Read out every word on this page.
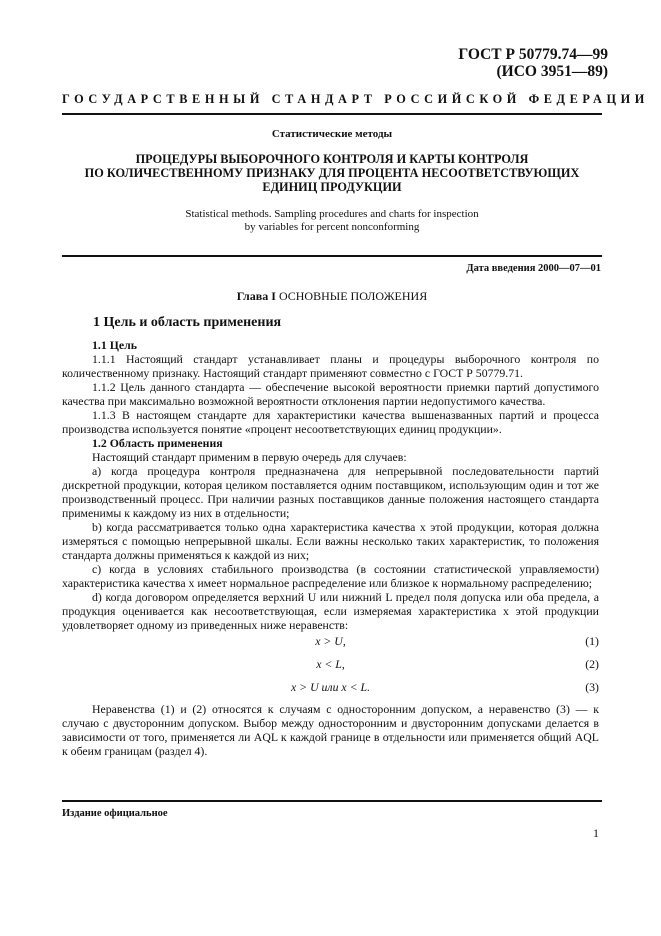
ГОСТ Р 50779.74—99
(ИСО 3951—89)
ГОСУДАРСТВЕННЫЙ СТАНДАРТ РОССИЙСКОЙ ФЕДЕРАЦИИ
Статистические методы
ПРОЦЕДУРЫ ВЫБОРОЧНОГО КОНТРОЛЯ И КАРТЫ КОНТРОЛЯ
ПО КОЛИЧЕСТВЕННОМУ ПРИЗНАКУ ДЛЯ ПРОЦЕНТА НЕСООТВЕТСТВУЮЩИХ
ЕДИНИЦ ПРОДУКЦИИ
Statistical methods. Sampling procedures and charts for inspection
by variables for percent nonconforming
Дата введения 2000—07—01
Глава I ОСНОВНЫЕ ПОЛОЖЕНИЯ
1 Цель и область применения

1.1 Цель

1.1.1 Настоящий стандарт устанавливает планы и процедуры выборочного контроля по количественному признаку. Настоящий стандарт применяют совместно с ГОСТ Р 50779.71.

1.1.2 Цель данного стандарта — обеспечение высокой вероятности приемки партий допустимого качества при максимально возможной вероятности отклонения партии недопустимого качества.

1.1.3 В настоящем стандарте для характеристики качества вышеназванных партий и процесса производства используется понятие «процент несоответствующих единиц продукции».

1.2 Область применения

Настоящий стандарт применим в первую очередь для случаев:

а) когда процедура контроля предназначена для непрерывной последовательности партий дискретной продукции, которая целиком поставляется одним поставщиком, использующим один и тот же производственный процесс. При наличии разных поставщиков данные положения настоящего стандарта применимы к каждому из них в отдельности;

b) когда рассматривается только одна характеристика качества x этой продукции, которая должна измеряться с помощью непрерывной шкалы. Если важны несколько таких характеристик, то положения стандарта должны применяться к каждой из них;

с) когда в условиях стабильного производства (в состоянии статистической управляемости) характеристика качества x имеет нормальное распределение или близкое к нормальному распределению;

d) когда договором определяется верхний U или нижний L предел поля допуска или оба предела, а продукция оценивается как несоответствующая, если измеряемая характеристика x этой продукции удовлетворяет одному из приведенных ниже неравенств:

x > U,	(1)
x < L,	(2)
x > U или x < L.	(3)

Неравенства (1) и (2) относятся к случаям с односторонним допуском, а неравенство (3) — к случаю с двусторонним допуском. Выбор между односторонним и двусторонним допусками делается в зависимости от того, применяется ли AQL к каждой границе в отдельности или применяется общий AQL к обеим границам (раздел 4).

Издание официальное
1
